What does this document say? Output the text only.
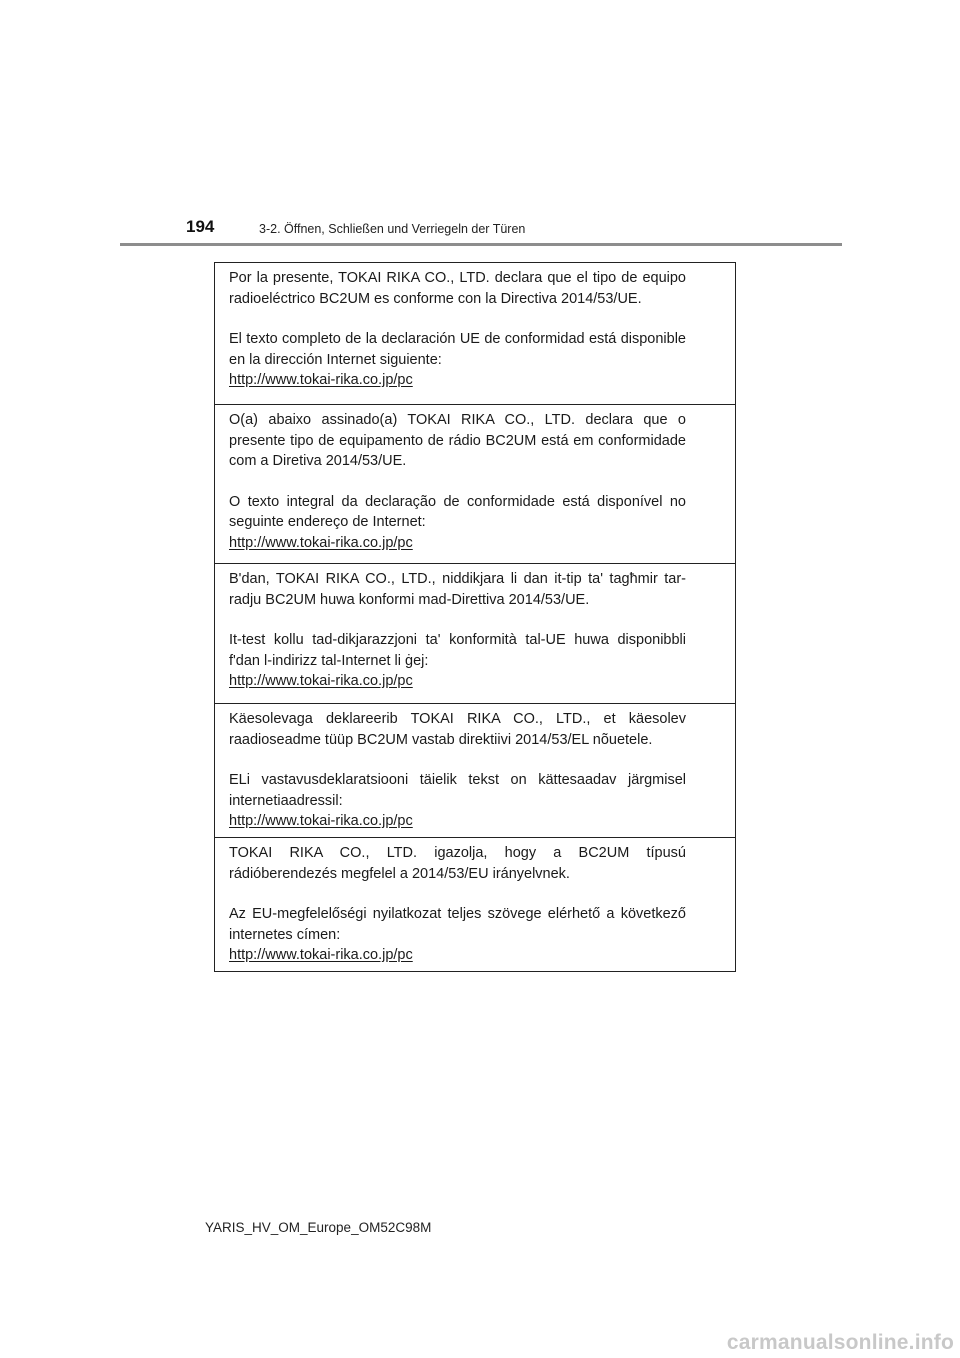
194	3-2. Öffnen, Schließen und Verriegeln der Türen

Por la presente, TOKAI RIKA CO., LTD. declara que el tipo de equipo radioeléctrico BC2UM es conforme con la Directiva 2014/53/UE.

El texto completo de la declaración UE de conformidad está disponible en la dirección Internet siguiente:

http://www.tokai-rika.co.jp/pc

O(a) abaixo assinado(a) TOKAI RIKA CO., LTD. declara que o presente tipo de equipamento de rádio BC2UM está em conformidade com a Diretiva 2014/53/UE.

O texto integral da declaração de conformidade está disponível no seguinte endereço de Internet:

http://www.tokai-rika.co.jp/pc

B'dan, TOKAI RIKA CO., LTD., niddikjara li dan it-tip ta' tagħmir tar-radju BC2UM huwa konformi mad-Direttiva 2014/53/UE.

It-test kollu tad-dikjarazzjoni ta' konformità tal-UE huwa disponibbli f'dan l-indirizz tal-Internet li ġej:

http://www.tokai-rika.co.jp/pc

Käesolevaga deklareerib TOKAI RIKA CO., LTD., et käesolev raadioseadme tüüp BC2UM vastab direktiivi 2014/53/EL nõuetele.

ELi vastavusdeklaratsiooni täielik tekst on kättesaadav järgmisel internetiaadressil:

http://www.tokai-rika.co.jp/pc

TOKAI RIKA CO., LTD. igazolja, hogy a BC2UM típusú rádióberendezés megfelel a 2014/53/EU irányelvnek.

Az EU-megfelelőségi nyilatkozat teljes szövege elérhető a következő internetes címen:

http://www.tokai-rika.co.jp/pc
YARIS_HV_OM_Europe_OM52C98M
carmanualsonline.info
